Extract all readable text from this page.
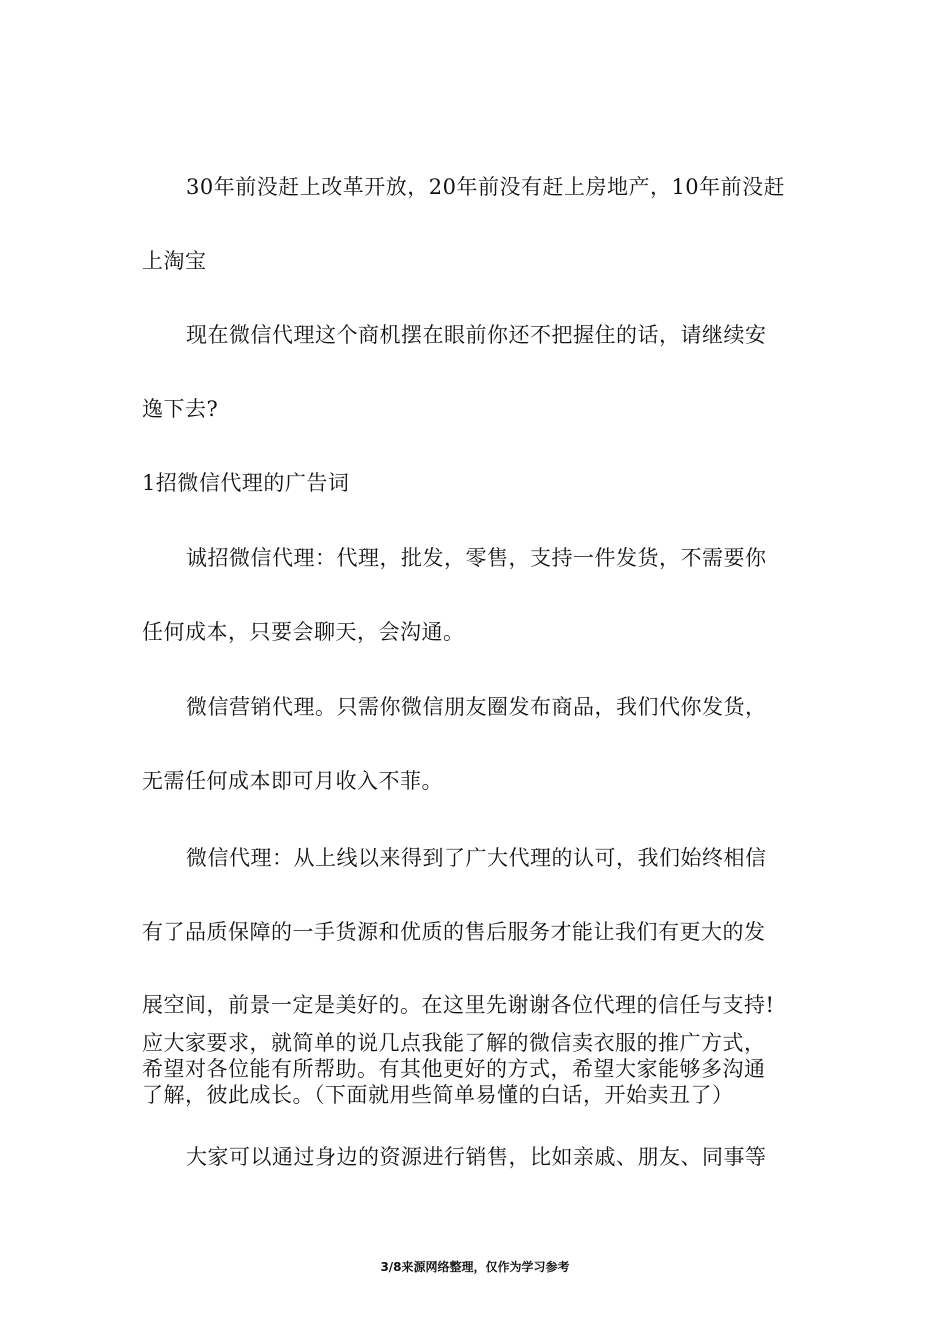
30年前没赶上改革开放，20年前没有赶上房地产，10年前没赶
上淘宝
现在微信代理这个商机摆在眼前你还不把握住的话，请继续安
逸下去?
1招微信代理的广告词
诚招微信代理：代理，批发，零售，支持一件发货，不需要你
任何成本，只要会聊天，会沟通。
微信营销代理。只需你微信朋友圈发布商品，我们代你发货，
无需任何成本即可月收入不菲。
微信代理：从上线以来得到了广大代理的认可，我们始终相信
有了品质保障的一手货源和优质的售后服务才能让我们有更大的发
展空间，前景一定是美好的。在这里先谢谢各位代理的信任与支持!
应大家要求，就简单的说几点我能了解的微信卖衣服的推广方式，
希望对各位能有所帮助。有其他更好的方式，希望大家能够多沟通
了解，彼此成长。（下面就用些简单易懂的白话，开始卖丑了）
大家可以通过身边的资源进行销售，比如亲戚、朋友、同事等
3/8来源网络整理，仅作为学习参考
